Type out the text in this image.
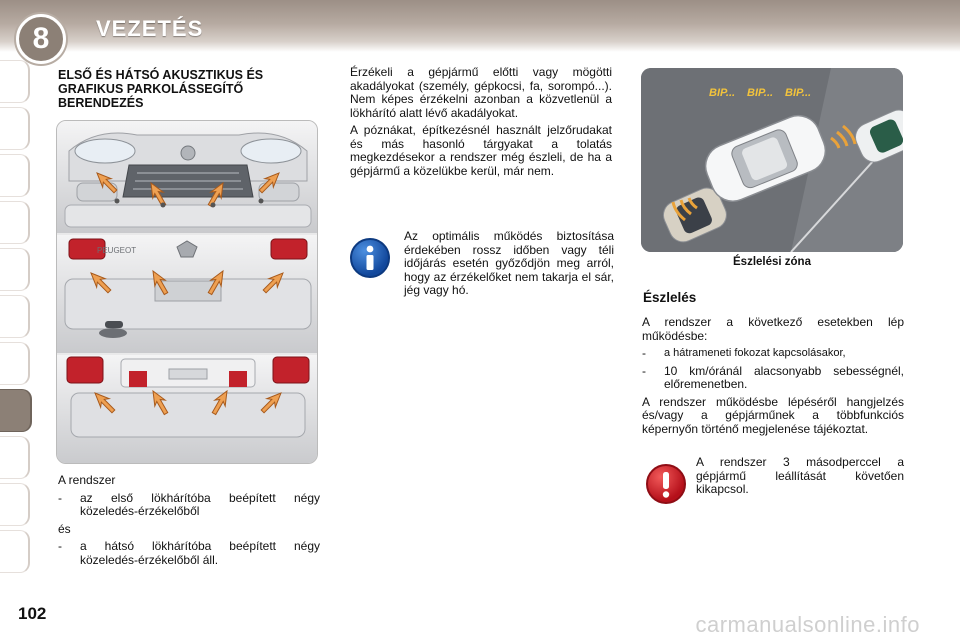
8	VEZETÉS
ELSŐ ÉS HÁTSÓ AKUSZTIKUS ÉS GRAFIKUS PARKOLÁSSEGÍTŐ BERENDEZÉS
PEUGEOT

A rendszer

-	az első lökhárítóba beépített négy közeledés-érzékelőből

és

-	a hátsó lökhárítóba beépített négy közeledés-érzékelőből áll.

Érzékeli a gépjármű előtti vagy mögötti akadályokat (személy, gépkocsi, fa, sorompó...). Nem képes érzékelni azonban a közvetlenül a lökhárító alatt lévő akadályokat.

A póznákat, építkezésnél használt jelzőrudakat és más hasonló tárgyakat a tolatás megkezdésekor a rendszer még észleli, de ha a gépjármű a közelükbe kerül, már nem.

Az optimális működés biztosítása érdekében rossz időben vagy téli időjárás esetén győződjön meg arról, hogy az érzékelőket nem takarja el sár, jég vagy hó.
BIP... BIP... BIP...
Észlelési zóna
Észlelés

A rendszer a következő esetekben lép működésbe:

-	a hátrameneti fokozat kapcsolásakor,
-	10 km/óránál alacsonyabb sebességnél, előremenetben.

A rendszer működésbe lépéséről hangjelzés és/vagy a gépjárműnek a többfunkciós képernyőn történő megjelenése tájékoztat.

A rendszer 3 másodperccel a gépjármű leállítását követően kikapcsol.
102	carmanualsonline.info
